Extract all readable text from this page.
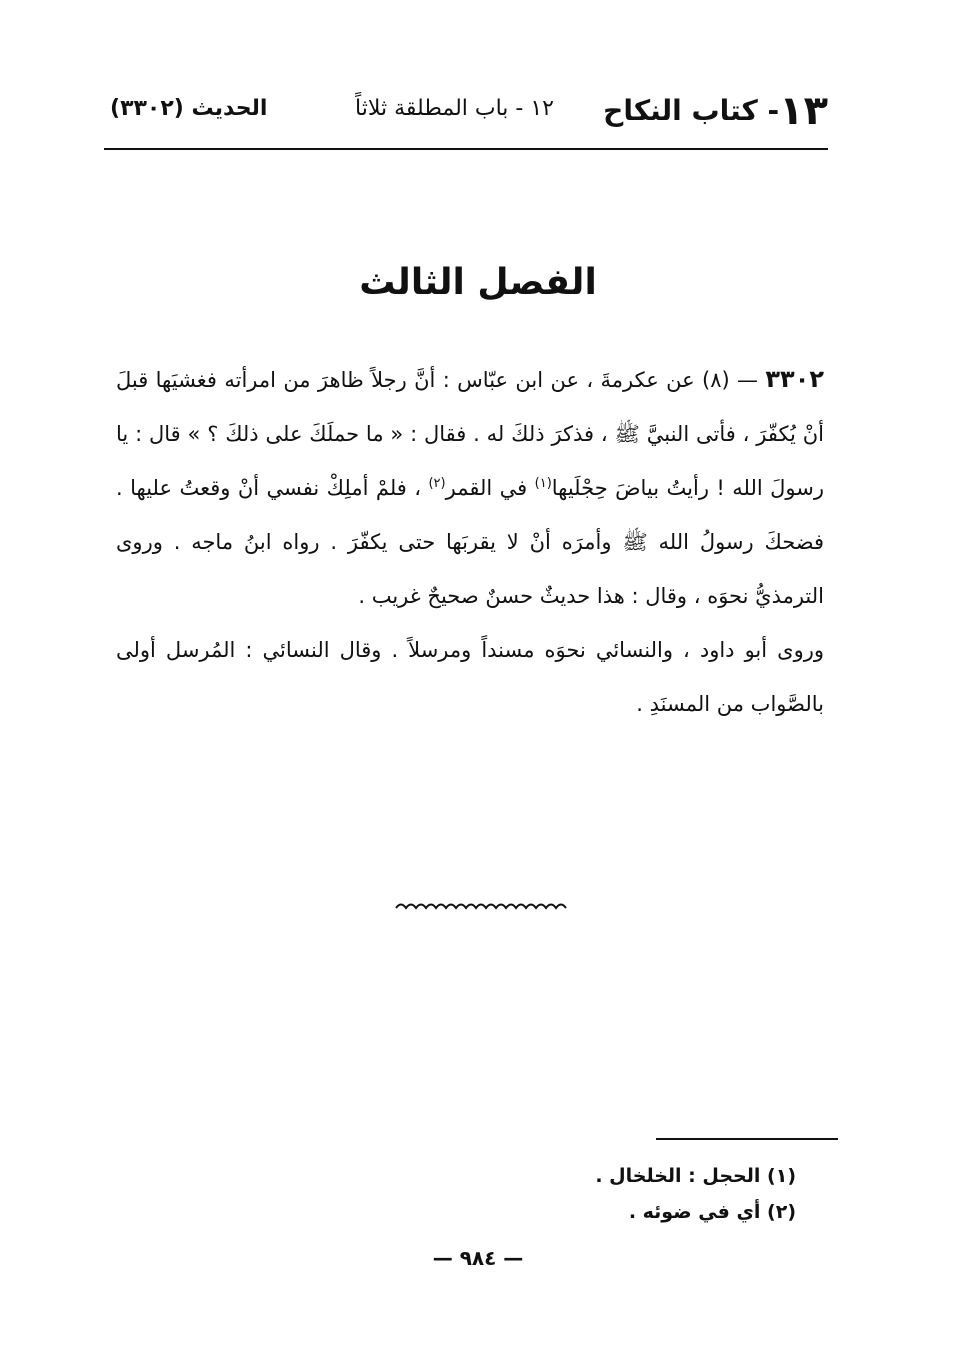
١٣- كتاب النكاح
١٢ - باب المطلقة ثلاثاً
الحديث (٣٣٠٢)
الفصل الثالث

٣٣٠٢ — (٨) عن عكرمةَ ، عن ابن عبّاس : أنَّ رجلاً ظاهرَ من امرأته فغشيَها قبلَ أنْ يُكفّرَ ، فأتى النبيَّ ﷺ ، فذكرَ ذلكَ له . فقال : « ما حملَكَ على ذلكَ ؟ » قال : يا رسولَ الله ! رأيتُ بياضَ حِجْلَيها$^{(١)}$ في القمر$^{(٢)}$ ، فلمْ أملِكْ نفسي أنْ وقعتُ عليها . فضحكَ رسولُ الله ﷺ وأمرَه أنْ لا يقربَها حتى يكفّرَ . رواه ابنُ ماجه . وروى الترمذيُّ نحوَه ، وقال : هذا حديثٌ حسنٌ صحيحٌ غريب .

وروى أبو داود ، والنسائي نحوَه مسنداً ومرسلاً . وقال النسائي : المُرسل أولى بالصَّواب من المسنَدِ .

(١) الحجل : الخلخال .
(٢) أي في ضوئه .
— ٩٨٤ —
